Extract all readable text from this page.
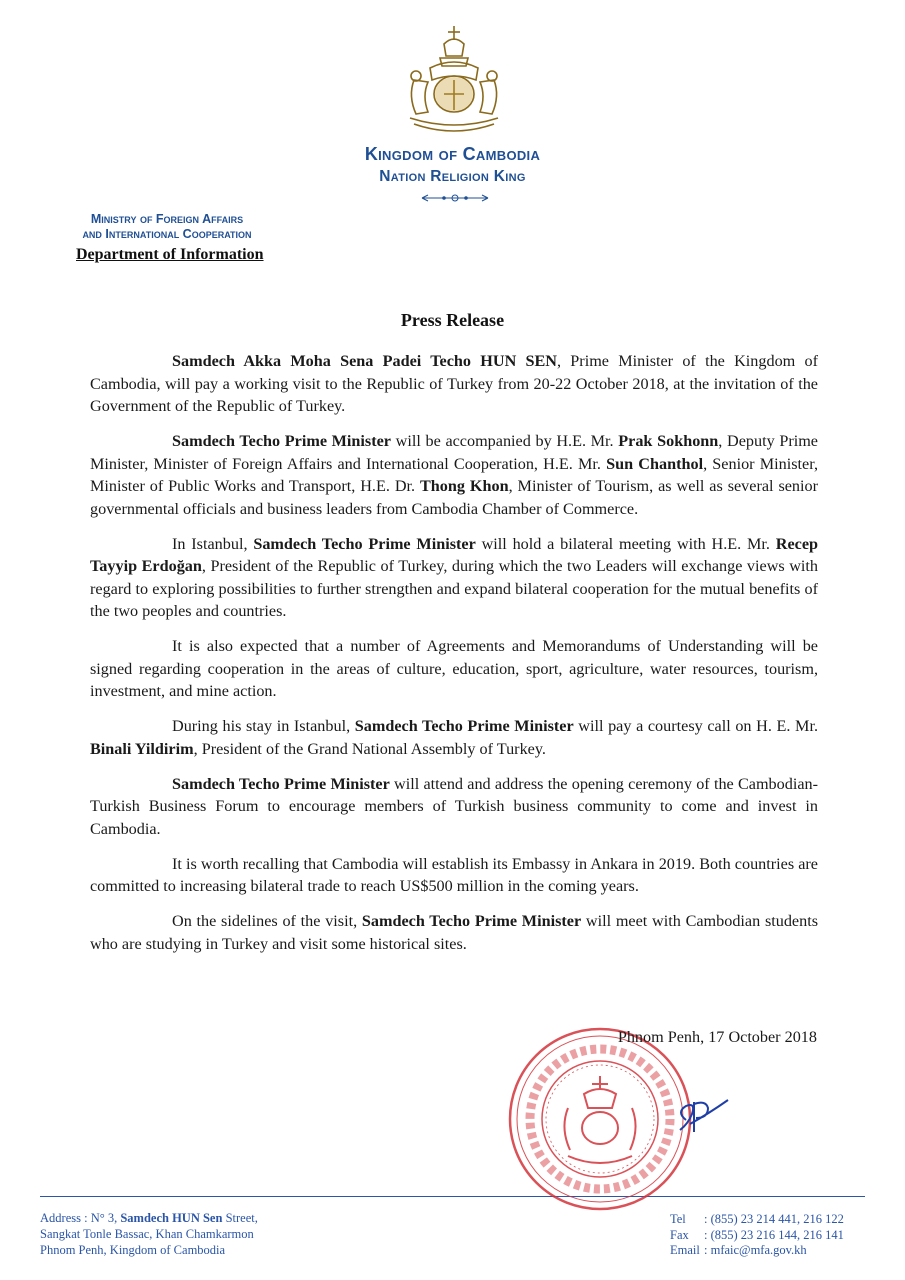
Kingdom of Cambodia
Nation Religion King
Ministry of Foreign Affairs
and International Cooperation
Department of Information
Press Release

Samdech Akka Moha Sena Padei Techo HUN SEN, Prime Minister of the Kingdom of Cambodia, will pay a working visit to the Republic of Turkey from 20-22 October 2018, at the invitation of the Government of the Republic of Turkey.

Samdech Techo Prime Minister will be accompanied by H.E. Mr. Prak Sokhonn, Deputy Prime Minister, Minister of Foreign Affairs and International Cooperation, H.E. Mr. Sun Chanthol, Senior Minister, Minister of Public Works and Transport, H.E. Dr. Thong Khon, Minister of Tourism, as well as several senior governmental officials and business leaders from Cambodia Chamber of Commerce.

In Istanbul, Samdech Techo Prime Minister will hold a bilateral meeting with H.E. Mr. Recep Tayyip Erdoğan, President of the Republic of Turkey, during which the two Leaders will exchange views with regard to exploring possibilities to further strengthen and expand bilateral cooperation for the mutual benefits of the two peoples and countries.

It is also expected that a number of Agreements and Memorandums of Understanding will be signed regarding cooperation in the areas of culture, education, sport, agriculture, water resources, tourism, investment, and mine action.

During his stay in Istanbul, Samdech Techo Prime Minister will pay a courtesy call on H. E. Mr. Binali Yildirim, President of the Grand National Assembly of Turkey.

Samdech Techo Prime Minister will attend and address the opening ceremony of the Cambodian-Turkish Business Forum to encourage members of Turkish business community to come and invest in Cambodia.

It is worth recalling that Cambodia will establish its Embassy in Ankara in 2019. Both countries are committed to increasing bilateral trade to reach US$500 million in the coming years.

On the sidelines of the visit, Samdech Techo Prime Minister will meet with Cambodian students who are studying in Turkey and visit some historical sites.

Phnom Penh, 17 October 2018
Address : N° 3, Samdech HUN Sen Street,
Sangkat Tonle Bassac, Khan Chamkarmon
Phnom Penh, Kingdom of Cambodia
Tel : (855) 23 214 441, 216 122
Fax : (855) 23 216 144, 216 141
Email : mfaic@mfa.gov.kh
